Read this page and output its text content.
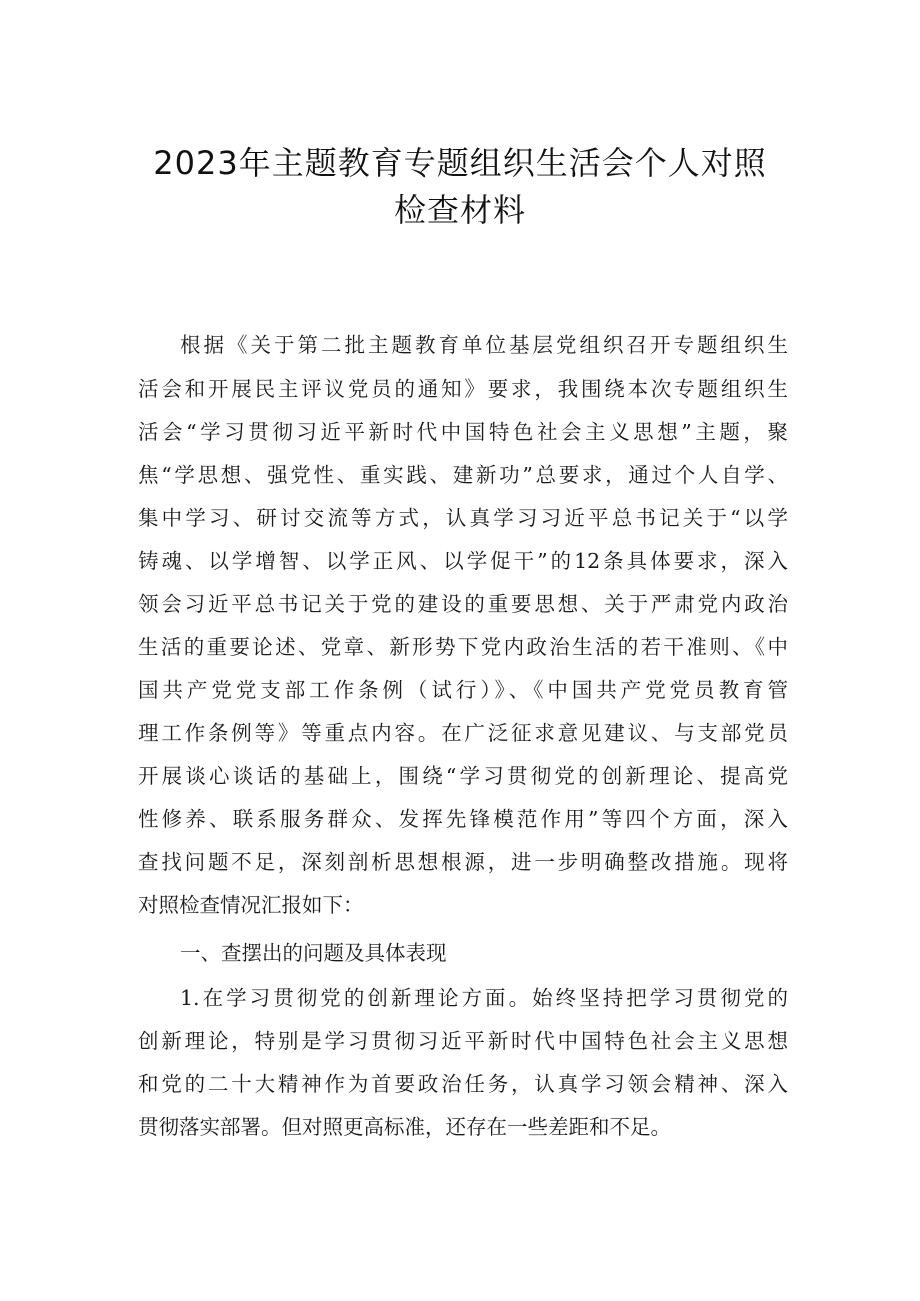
2023年主题教育专题组织生活会个人对照
检查材料
根据《关于第二批主题教育单位基层党组织召开专题组织生
活会和开展民主评议党员的通知》要求，我围绕本次专题组织生
活会“学习贯彻习近平新时代中国特色社会主义思想”主题，聚
焦“学思想、强党性、重实践、建新功”总要求，通过个人自学、
集中学习、研讨交流等方式，认真学习习近平总书记关于“以学
铸魂、以学增智、以学正风、以学促干”的12条具体要求，深入
领会习近平总书记关于党的建设的重要思想、关于严肃党内政治
生活的重要论述、党章、新形势下党内政治生活的若干准则、《中
国共产党党支部工作条例（试行）》、《中国共产党党员教育管
理工作条例等》等重点内容。在广泛征求意见建议、与支部党员
开展谈心谈话的基础上，围绕“学习贯彻党的创新理论、提高党
性修养、联系服务群众、发挥先锋模范作用”等四个方面，深入
查找问题不足，深刻剖析思想根源，进一步明确整改措施。现将
对照检查情况汇报如下：
一、查摆出的问题及具体表现
1.在学习贯彻党的创新理论方面。始终坚持把学习贯彻党的
创新理论，特别是学习贯彻习近平新时代中国特色社会主义思想
和党的二十大精神作为首要政治任务，认真学习领会精神、深入
贯彻落实部署。但对照更高标准，还存在一些差距和不足。
